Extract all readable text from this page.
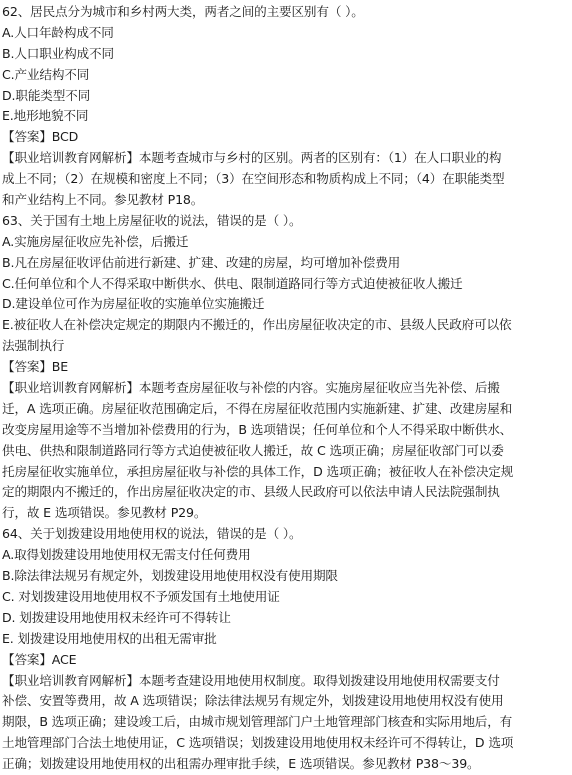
62、居民点分为城市和乡村两大类，两者之间的主要区别有（ ）。
A.人口年龄构成不同
B.人口职业构成不同
C.产业结构不同
D.职能类型不同
E.地形地貌不同
【答案】BCD
【职业培训教育网解析】本题考查城市与乡村的区别。两者的区别有：（1）在人口职业的构
成上不同；（2）在规模和密度上不同；（3）在空间形态和物质构成上不同；（4）在职能类型
和产业结构上不同。参见教材 P18。
63、关于国有土地上房屋征收的说法，错误的是（ ）。
A.实施房屋征收应先补偿，后搬迁
B.凡在房屋征收评估前进行新建、扩建、改建的房屋，均可增加补偿费用
C.任何单位和个人不得采取中断供水、供电、限制道路同行等方式迫使被征收人搬迁
D.建设单位可作为房屋征收的实施单位实施搬迁
E.被征收人在补偿决定规定的期限内不搬迁的，作出房屋征收决定的市、县级人民政府可以依
法强制执行
【答案】BE
【职业培训教育网解析】本题考查房屋征收与补偿的内容。实施房屋征收应当先补偿、后搬
迁，A 选项正确。房屋征收范围确定后，不得在房屋征收范围内实施新建、扩建、改建房屋和
改变房屋用途等不当增加补偿费用的行为，B 选项错误；任何单位和个人不得采取中断供水、
供电、供热和限制道路同行等方式迫使被征收人搬迁，故 C 选项正确；房屋征收部门可以委
托房屋征收实施单位，承担房屋征收与补偿的具体工作，D 选项正确；被征收人在补偿决定规
定的期限内不搬迁的，作出房屋征收决定的市、县级人民政府可以依法申请人民法院强制执
行，故 E 选项错误。参见教材 P29。
64、关于划拨建设用地使用权的说法，错误的是（ ）。
A.取得划拨建设用地使用权无需支付任何费用
B.除法律法规另有规定外，划拨建设用地使用权没有使用期限
C. 对划拨建设用地使用权不予颁发国有土地使用证
D. 划拨建设用地使用权未经许可不得转让
E. 划拨建设用地使用权的出租无需审批
【答案】ACE
【职业培训教育网解析】本题考查建设用地使用权制度。取得划拨建设用地使用权需要支付
补偿、安置等费用，故 A 选项错误；除法律法规另有规定外，划拨建设用地使用权没有使用
期限，B 选项正确；建设竣工后，由城市规划管理部门户土地管理部门核查和实际用地后，有
土地管理部门合法土地使用证，C 选项错误；划拨建设用地使用权未经许可不得转让，D 选项
正确；划拨建设用地使用权的出租需办理审批手续，E 选项错误。参见教材 P38～39。
